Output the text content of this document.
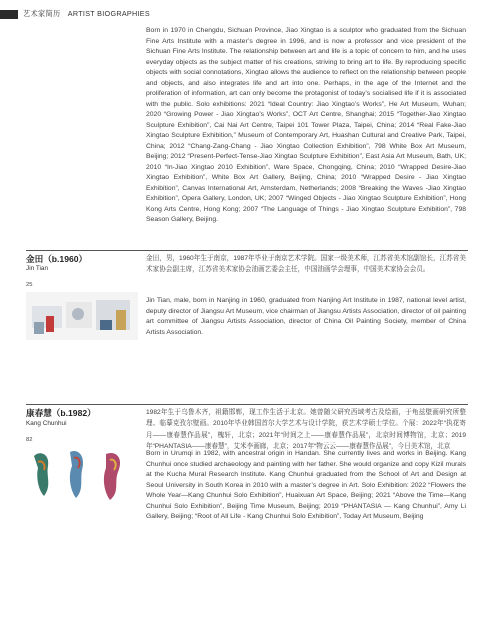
艺术家简历 ARTIST BIOGRAPHIES

Born in 1970 in Chengdu, Sichuan Province, Jiao Xingtao is a sculptor who graduated from the Sichuan Fine Arts Institute with a master’s degree in 1996, and is now a professor and vice president of the Sichuan Fine Arts Institute. The relationship between art and life is a topic of concern to him, and he uses everyday objects as the subject matter of his creations, striving to bring art to life. By reproducing specific objects with social connotations, Xingtao allows the audience to reflect on the relationship between people and objects, and also integrates life and art into one. Perhaps, in the age of the Internet and the proliferation of information, art can only become the protagonist of today’s socialised life if it is associated with the public. Solo exhibitions: 2021 “Ideal Country: Jiao Xingtao’s Works”, He Art Museum, Wuhan; 2020 “Growing Power - Jiao Xingtao’s Works”, OCT Art Centre, Shanghai; 2015 “Together-Jiao Xingtao Sculpture Exhibition”, Cai Nai Art Centre, Taipei 101 Tower Plaza, Taipei, China; 2014 “Real Fake-Jiao Xingtao Sculpture Exhibition,” Museum of Contemporary Art, Huashan Cultural and Creative Park, Taipei, China; 2012 “Chang-Zang-Chang - Jiao Xingtao Collection Exhibition”, 798 White Box Art Museum, Beijing; 2012 “Present-Perfect-Tense-Jiao Xingtao Sculpture Exhibition”, East Asia Art Museum, Bath, UK; 2010 “In-Jiao Xingtao 2010 Exhibition”, Ware Space, Chongqing, China; 2010 “Wrapped Desire-Jiao Xingtao Exhibition”, White Box Art Gallery, Beijing, China; 2010 “Wrapped Desire - Jiao Xingtao Exhibition”, Canvas International Art, Amsterdam, Netherlands; 2008 “Breaking the Waves -Jiao Xingtao Exhibition”, Opera Gallery, London, UK; 2007 “Winged Objects - Jiao Xingtao Sculpture Exhibition”, Hong Kong Arts Centre, Hong Kong; 2007 “The Language of Things - Jiao Xingtao Sculpture Exhibition”, 798 Season Gallery, Beijing.

金田（b.1960）
Jin Tian

金田，男，1960年生于南京，1987年毕业于南京艺术学院。国家一级美术师，江苏省美术馆副馆长，江苏省美术家协会副主席，江苏省美术家协会油画艺委会主任，中国油画学会理事，中国美术家协会会员。

25

Jin Tian, male, born in Nanjing in 1960, graduated from Nanjing Art Institute in 1987, national level artist, deputy director of Jiangsu Art Museum, vice chairman of Jiangsu Artists Association, director of oil painting art committee of Jiangsu Artists Association, director of China Oil Painting Society, member of China Artists Association.

康春慧（b.1982）
Kang Chunhui
82

1982年生于乌鲁木齐，祖籍邯郸，现工作生活于北京。她曾随父研究西域考古及绘画，于龟兹壁画研究所整理、临摹克孜尔壁画。2010年毕业韩国首尔大学艺术与设计学院，获艺术学硕士学位。个展：2022年“执花寄月——康春慧作品展”，槐轩，北京；2021年“时间之上——康春慧作品展”，北京时间博物馆，北京；2019年“PHANTASIA——康春慧”，艾米李画廊，北京；2017年“物云云——康春慧作品展”，今日美术馆，北京

Born in Urumqi in 1982, with ancestral origin in Handan. She currently lives and works in Beijing. Kang Chunhui once studied archaeology and painting with her father. She would organize and copy Kizil murals at the Kucha Mural Research Institute. Kang Chunhui graduated from the School of Art and Design at Seoul University in South Korea in 2010 with a master’s degree in Art. Solo Exhibition: 2022 “Flowers the Whole Year—Kang Chunhui Solo Exhibition”, Huaixuan Art Space, Beijing; 2021 “Above the Time—Kang Chunhui Solo Exhibition”, Beijing Time Museum, Beijing; 2019 “PHANTASIA — Kang Chunhui”, Amy Li Gallery, Beijing; “Root of All Life - Kang Chunhui Solo Exhibition”, Today Art Museum, Beijing
